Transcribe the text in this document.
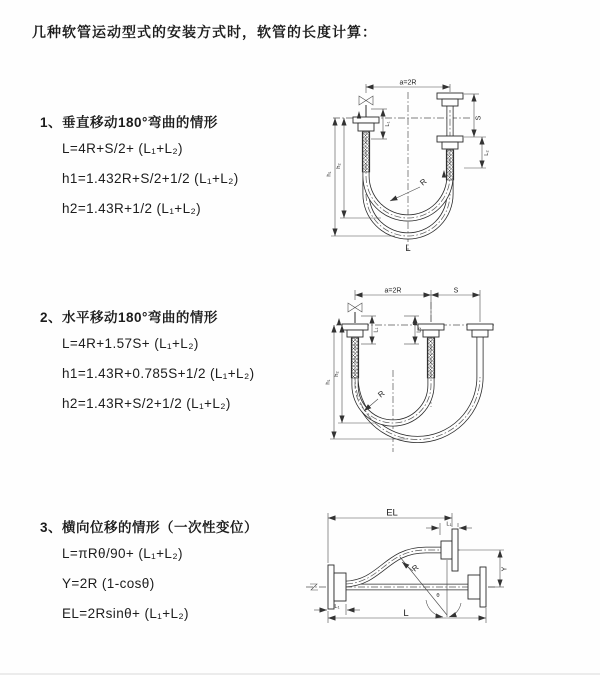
几种软管运动型式的安装方式时，软管的长度计算：
1、垂直移动180°弯曲的情形
L=4R+S/2+ (L₁+L₂)
h1=1.432R+S/2+1/2 (L₁+L₂)
h2=1.43R+1/2 (L₁+L₂)
2、水平移动180°弯曲的情形
L=4R+1.57S+ (L₁+L₂)
h1=1.43R+0.785S+1/2 (L₁+L₂)
h2=1.43R+S/2+1/2 (L₁+L₂)
3、横向位移的情形（一次性变位）
L=πRθ/90+ (L₁+L₂)
Y=2R (1-cosθ)
EL=2Rsinθ+ (L₁+L₂)
a=2R
S
L₂
h₁
h₂
L₁
R
L
a=2R	S
h₁
h₂
L₁	L₂
R
θ
EL
L₁
Y
L
L₁
R
